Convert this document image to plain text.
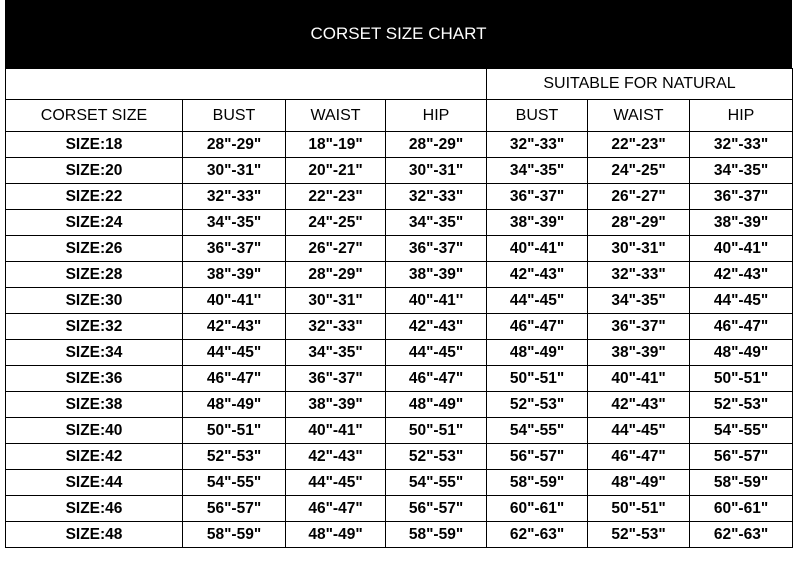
CORSET SIZE CHART
				SUITABLE FOR NATURAL		
CORSET SIZE	BUST	WAIST	HIP	BUST	WAIST	HIP
SIZE:18	28"-29"	18"-19"	28"-29"	32"-33"	22"-23"	32"-33"
SIZE:20	30"-31"	20"-21"	30"-31"	34"-35"	24"-25"	34"-35"
SIZE:22	32"-33"	22"-23"	32"-33"	36"-37"	26"-27"	36"-37"
SIZE:24	34"-35"	24"-25"	34"-35"	38"-39"	28"-29"	38"-39"
SIZE:26	36"-37"	26"-27"	36"-37"	40"-41"	30"-31"	40"-41"
SIZE:28	38"-39"	28"-29"	38"-39"	42"-43"	32"-33"	42"-43"
SIZE:30	40"-41''	30"-31"	40"-41''	44"-45"	34"-35"	44"-45"
SIZE:32	42"-43"	32"-33"	42"-43"	46"-47"	36"-37"	46"-47"
SIZE:34	44"-45"	34"-35"	44"-45"	48"-49"	38"-39"	48"-49"
SIZE:36	46"-47"	36"-37"	46"-47"	50"-51"	40"-41"	50"-51"
SIZE:38	48"-49"	38"-39"	48"-49"	52"-53"	42"-43"	52"-53"
SIZE:40	50"-51"	40"-41"	50"-51"	54"-55"	44"-45"	54"-55"
SIZE:42	52"-53"	42"-43"	52"-53"	56"-57"	46"-47"	56"-57"
SIZE:44	54"-55"	44"-45"	54"-55"	58"-59"	48"-49"	58"-59"
SIZE:46	56"-57"	46"-47"	56"-57"	60"-61"	50"-51"	60"-61"
SIZE:48	58"-59"	48"-49"	58"-59"	62"-63"	52"-53"	62"-63"
